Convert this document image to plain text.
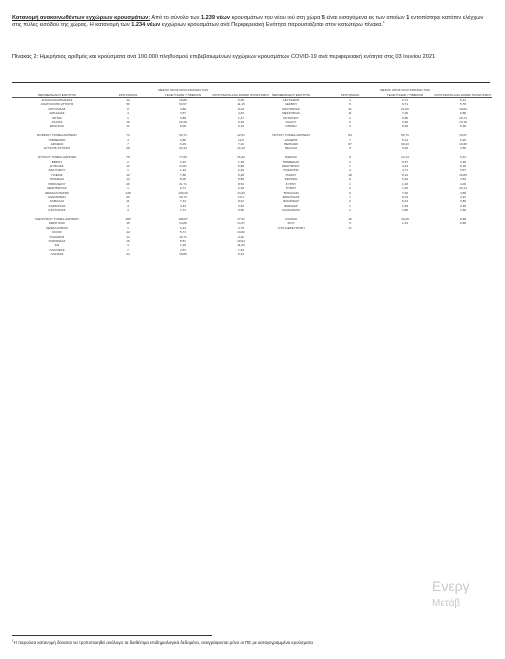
Κατανομή ανακοινωθέντων εγχώριων κρουσμάτων: Από το σύνολο των 1.239 νέων κρουσμάτων του νέου ιού στη χώρα 5 είναι εισαγόμενα εκ των οποίων 1 εντοπίστηκε κατόπιν ελέγχων στις πύλες εισόδου της χώρας. Η κατανομή των 1.234 νέων εγχώριων κρουσμάτων ανά Περιφερειακή Ενότητα παρουσιάζεται στον κατωτέρω πίνακα.$^1$
Πίνακας 2: Ημερήσιος αριθμός και κρούσματα ανά 100.000 πληθυσμού επιβεβαιωμένων εγχώριων κρουσμάτων COVID-19 ανά περιφερειακή ενότητα στις 03 Ιουνίου 2021
ΠΕΡΙΦΕΡΕΙΑΚΗ ΕΝΟΤΗΤΑ	ΚΡΟΥΣΜΑΤΑ	ΜΕΣΟΣ ΟΡΟΣ ΚΡΟΥΣΜΑΤΩΝ ΤΩΝ ΤΕΛΕΥΤΑΙΩΝ 7 ΗΜΕΡΩΝ	ΚΡΟΥΣΜΑΤΑ ΑΝΑ 100000 ΠΛΗΘΥΣΜΟΥ
ΑΙΤΩΛΟΑΚΑΡΝΑΝΙΑΣ	12	16,86	5,69
ΑΝΑΤΟΛΙΚΗΣ ΑΤΤΙΚΗΣ	56	54,57	11,15
ΑΡΓΟΛΙΔΑΣ	8	4,86	8,24
ΑΡΚΑΔΙΑΣ	4	3,57	4,81
ΑΡΤΑΣ	1	0,86	1,47
ΑΧΑΪΑΣ	16	22,29	5,16
ΒΟΙΩΤΙΑΣ	11	8,00	9,33

ΒΟΡΕΙΟΥ ΤΟΜΕΑ ΑΘΗΝΩΝ	74	53,71	12,51
ΓΡΕΒΕΝΩΝ	4	3,86	12,6
ΔΡΑΜΑΣ	7	6,29	7,12
ΔΥΤΙΚΗΣ ΑΤΤΙΚΗΣ	28	22,43	16,16

ΔΥΤΙΚΟΥ ΤΟΜΕΑ ΑΘΗΝΩΝ	75	77,00	15,32
ΕΒΡΟΥ	2	2,43	1,35
ΕΥΒΟΙΑΣ	12	14,57	5,89
ΖΑΚΥΝΘΟΥ	1	1,43	2,45
ΗΛΕΙΑΣ	10	7,86	6,28
ΗΜΑΘΙΑΣ	14	8,00	9,86
ΗΡΑΚΛΕΙΟΥ	26	21,71	8,51
ΘΕΣΠΡΩΤΙΑΣ	1	0,71	2,29
ΘΕΣΣΑΛΟΝΙΚΗΣ	148	109,29	13,33
ΙΩΑΝΝΙΝΩΝ	22	16,71	13,1
ΚΑΒΑΛΑΣ	11	7,14	8,91
ΚΑΡΔΙΤΣΑΣ	4	4,43	3,52
ΚΑΣΤΟΡΙΑΣ	3	1,71	5,96

ΚΕΝΤΡΙΚΟΥ ΤΟΜΕΑ ΑΘΗΝΩΝ	185	158,57	17,97
ΚΕΡΚΥΡΑΣ	15	14,86	14,37
ΚΕΦΑΛΛΗΝΙΑΣ	1	0,43	2,79
ΚΙΛΚΙΣ	12	5,71	14,82
ΚΟΖΑΝΗΣ	14	16,71	9,32
ΚΟΡΙΝΘΙΑΣ	15	8,57	10,94
ΚΩ	4	1,29	11,63
ΛΑΚΩΝΙΑΣ	7	2,57	7,81
ΛΑΡΙΣΑΣ	24	18,86	8,44
ΠΕΡΙΦΕΡΕΙΑΚΗ ΕΝΟΤΗΤΑ	ΚΡΟΥΣΜΑΤΑ	ΜΕΣΟΣ ΟΡΟΣ ΚΡΟΥΣΜΑΤΩΝ ΤΩΝ ΤΕΛΕΥΤΑΙΩΝ 7 ΗΜΕΡΩΝ	ΚΡΟΥΣΜΑΤΑ ΑΝΑ 100000 ΠΛΗΘΥΣΜΟΥ
ΛΕΥΚΑΔΟΣ	4	2,71	5,31
ΛΕΣΒΟΥ	5	6,71	5,78
ΜΑΓΝΗΣΙΑΣ	31	21,00	16,84
ΜΕΣΣΗΝΙΑΣ	11	7,29	6,88
ΜΥΚΟΝΟΥ	2	0,86	19,74
ΝΑΞΟΥ	5	3,29	13,19
ΝΗΣΩΝ	4	5,29	5,36

ΝΟΤΙΟΥ ΤΟΜΕΑ ΑΘΗΝΩΝ	84	55,71	15,67
ΞΑΝΘΗΣ	7	5,14	6,29
ΠΕΙΡΑΙΩΣ	87	60,43	19,38
ΠΕΛΛΑΣ	5	6,00	3,58

ΠΙΕΡΙΑΣ	8	12,14	6,31
ΠΡΕΒΕΖΑΣ	2	0,57	3,48
ΡΕΘΥΜΝΟΥ	7	4,43	8,18
ΡΟΔΟΠΗΣ	4	4,71	3,57
ΡΟΔΟΥ	18	9,14	15,86
ΣΕΡΡΩΝ	8	6,29	4,53
ΣΥΡΟΥ	1	1,00	4,00
ΤΗΝΟΥ	2	1,00	23,14
ΤΡΙΚΑΛΩΝ	6	7,00	4,58
ΦΘΙΩΤΙΔΑΣ	7	8,14	4,42
ΦΛΩΡΙΝΑΣ	2	6,43	3,89
ΦΩΚΙΔΑΣ	1	2,29	2,48
ΧΑΛΚΙΔΙΚΗΣ	2	3,86	1,89

ΧΑΝΙΩΝ	15	16,29	9,58
ΧΙΟΥ	5	1,43	9,89
ΥΠΟ ΔΙΕΡΕΥΝΗΣΗ	71		
Ενεργ
Μετάβ
$^1$Η παρούσα κατανομή δύναται να τροποποιηθεί ανάλογα τα διαθέσιμα επιδημιολογικά δεδομένα, αναγράφονται μόνο οι ΠΕ με καταγεγραμμένα κρούσματα
